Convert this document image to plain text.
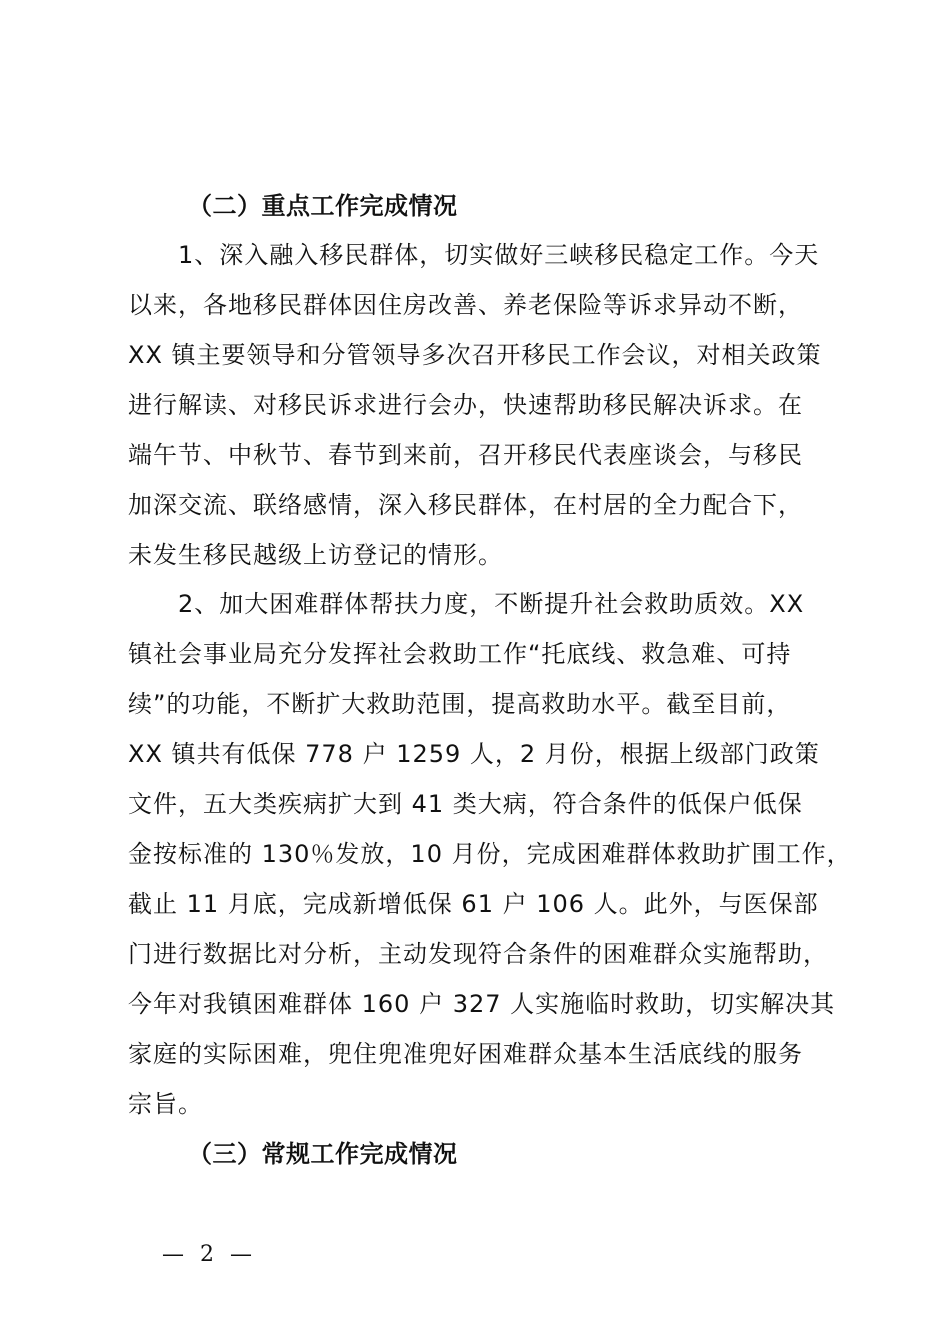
（二）重点工作完成情况
1、深入融入移民群体，切实做好三峡移民稳定工作。今天
以来，各地移民群体因住房改善、养老保险等诉求异动不断，
XX 镇主要领导和分管领导多次召开移民工作会议，对相关政策
进行解读、对移民诉求进行会办，快速帮助移民解决诉求。在
端午节、中秋节、春节到来前，召开移民代表座谈会，与移民
加深交流、联络感情，深入移民群体，在村居的全力配合下，
未发生移民越级上访登记的情形。
2、加大困难群体帮扶力度，不断提升社会救助质效。XX
镇社会事业局充分发挥社会救助工作“托底线、救急难、可持
续”的功能，不断扩大救助范围，提高救助水平。截至目前，
XX 镇共有低保 778 户 1259 人，2 月份，根据上级部门政策
文件，五大类疾病扩大到 41 类大病，符合条件的低保户低保
金按标准的 130％发放，10 月份，完成困难群体救助扩围工作，
截止 11 月底，完成新增低保 61 户 106 人。此外，与医保部
门进行数据比对分析，主动发现符合条件的困难群众实施帮助，
今年对我镇困难群体 160 户 327 人实施临时救助，切实解决其
家庭的实际困难，兜住兜准兜好困难群众基本生活底线的服务
宗旨。
（三）常规工作完成情况
— 2 —
